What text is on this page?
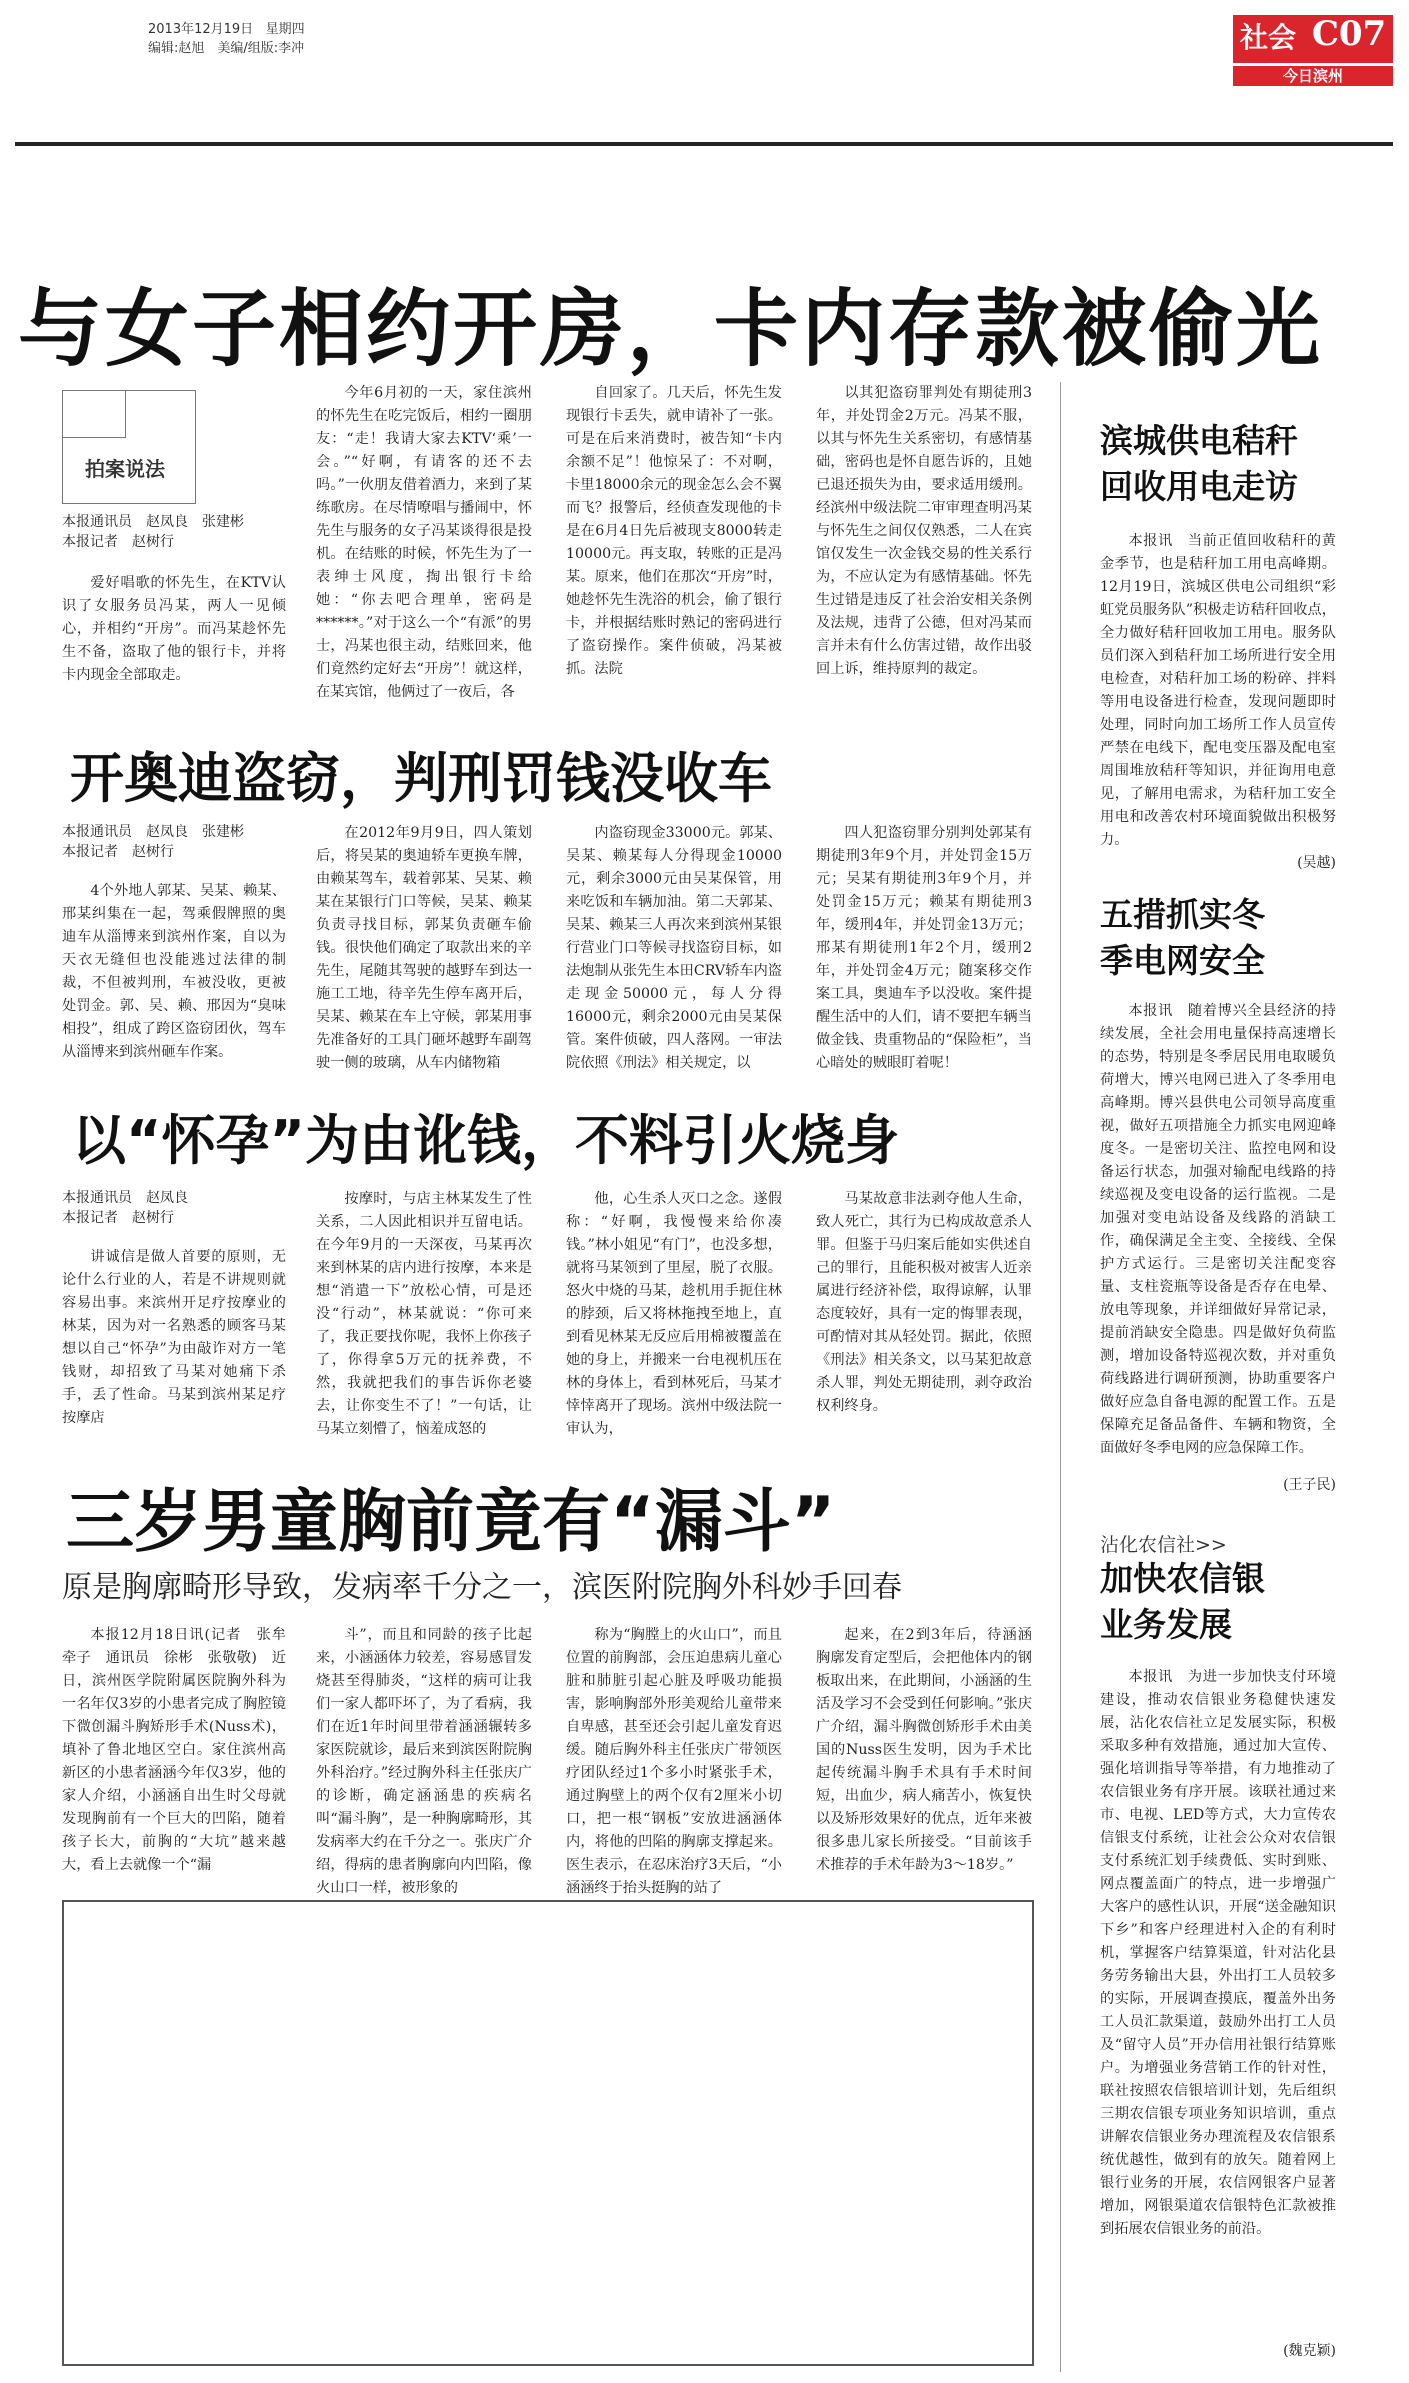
2013年12月19日 星期四
编辑:赵旭　美编/组版:李冲	社会 C07
今日滨州
与女子相约开房，卡内存款被偷光
拍案说法
本报通讯员　赵凤良　张建彬
本报记者　赵树行

爱好唱歌的怀先生，在KTV认识了女服务员冯某，两人一见倾心，并相约“开房”。而冯某趁怀先生不备，盗取了他的银行卡，并将卡内现金全部取走。

今年6月初的一天，家住滨州的怀先生在吃完饭后，相约一圈朋友：“走！我请大家去KTV‘乘’一会。”“好啊，有请客的还不去吗。”一伙朋友借着酒力，来到了某练歌房。在尽情嘹唱与播闹中，怀先生与服务的女子冯某谈得很是投机。在结账的时候，怀先生为了一表绅士风度，掏出银行卡给她：“你去吧合理单，密码是******。”对于这么一个“有派”的男士，冯某也很主动，结账回来，他们竟然约定好去“开房”！就这样，在某宾馆，他俩过了一夜后，各

自回家了。几天后，怀先生发现银行卡丢失，就申请补了一张。可是在后来消费时，被告知“卡内余额不足”！他惊呆了：不对啊，卡里18000余元的现金怎么会不翼而飞？报警后，经侦查发现他的卡是在6月4日先后被现支8000转走10000元。再支取，转账的正是冯某。原来，他们在那次“开房”时，她趁怀先生洗浴的机会，偷了银行卡，并根据结账时熟记的密码进行了盗窃操作。案件侦破，冯某被抓。法院

以其犯盗窃罪判处有期徒刑3年，并处罚金2万元。冯某不服，以其与怀先生关系密切，有感情基础，密码也是怀自愿告诉的，且她已退还损失为由，要求适用缓刑。经滨州中级法院二审审理查明冯某与怀先生之间仅仅熟悉，二人在宾馆仅发生一次金钱交易的性关系行为，不应认定为有感情基础。怀先生过错是违反了社会治安相关条例及法规，违背了公德，但对冯某而言并未有什么仿害过错，故作出驳回上诉，维持原判的裁定。

开奥迪盗窃，判刑罚钱没收车
本报通讯员　赵凤良　张建彬
本报记者　赵树行

4个外地人郭某、吴某、赖某、邢某纠集在一起，驾乘假牌照的奥迪车从淄博来到滨州作案，自以为天衣无缝但也没能逃过法律的制裁，不但被判刑，车被没收，更被处罚金。郭、吴、赖、邢因为“臭味相投”，组成了跨区盗窃团伙，驾车从淄博来到滨州砸车作案。

在2012年9月9日，四人策划后，将吴某的奥迪轿车更换车牌，由赖某驾车，载着郭某、吴某、赖某在某银行门口等候，吴某、赖某负责寻找目标，郭某负责砸车偷钱。很快他们确定了取款出来的辛先生，尾随其驾驶的越野车到达一施工工地，待辛先生停车离开后，吴某、赖某在车上守候，郭某用事先准备好的工具门砸坏越野车副驾驶一侧的玻璃，从车内储物箱

内盗窃现金33000元。郭某、吴某、赖某每人分得现金10000元，剩余3000元由吴某保管，用来吃饭和车辆加油。第二天郭某、吴某、赖某三人再次来到滨州某银行营业门口等候寻找盗窃目标，如法炮制从张先生本田CRV轿车内盗走现金50000元，每人分得16000元，剩余2000元由吴某保管。案件侦破，四人落网。一审法院依照《刑法》相关规定，以

四人犯盗窃罪分别判处郭某有期徒刑3年9个月，并处罚金15万元；吴某有期徒刑3年9个月，并处罚金15万元；赖某有期徒刑3年，缓刑4年，并处罚金13万元；邢某有期徒刑1年2个月，缓刑2年，并处罚金4万元；随案移交作案工具，奥迪车予以没收。案件提醒生活中的人们，请不要把车辆当做金钱、贵重物品的“保险柜”，当心暗处的贼眼盯着呢！

以“怀孕”为由讹钱，不料引火烧身
本报通讯员　赵凤良
本报记者　赵树行

讲诚信是做人首要的原则，无论什么行业的人，若是不讲规则就容易出事。来滨州开足疗按摩业的林某，因为对一名熟悉的顾客马某想以自己“怀孕”为由敲诈对方一笔钱财，却招致了马某对她痛下杀手，丢了性命。马某到滨州某足疗按摩店

按摩时，与店主林某发生了性关系，二人因此相识并互留电话。在今年9月的一天深夜，马某再次来到林某的店内进行按摩，本来是想“消遣一下”放松心情，可是还没“行动”，林某就说：“你可来了，我正要找你呢，我怀上你孩子了，你得拿5万元的抚养费，不然，我就把我们的事告诉你老婆去，让你变生不了！”一句话，让马某立刻懵了，恼羞成怒的

他，心生杀人灭口之念。遂假称：“好啊，我慢慢来给你凑钱。”林小姐见“有门”，也没多想，就将马某领到了里屋，脱了衣服。怒火中烧的马某，趁机用手扼住林的脖颈，后又将林拖拽至地上，直到看见林某无反应后用棉被覆盖在她的身上，并搬来一台电视机压在林的身体上，看到林死后，马某才悻悻离开了现场。滨州中级法院一审认为，

马某故意非法剥夺他人生命，致人死亡，其行为已构成故意杀人罪。但鉴于马归案后能如实供述自己的罪行，且能积极对被害人近亲属进行经济补偿，取得谅解，认罪态度较好，具有一定的悔罪表现，可酌情对其从轻处罚。据此，依照《刑法》相关条文，以马某犯故意杀人罪，判处无期徒刑，剥夺政治权利终身。

三岁男童胸前竟有“漏斗”
原是胸廓畸形导致，发病率千分之一，滨医附院胸外科妙手回春

本报12月18日讯(记者　张牟牵子　通讯员　徐彬　张敬敬)　近日，滨州医学院附属医院胸外科为一名年仅3岁的小患者完成了胸腔镜下微创漏斗胸矫形手术(Nuss术)，填补了鲁北地区空白。家住滨州高新区的小患者涵涵今年仅3岁，他的家人介绍，小涵涵自出生时父母就发现胸前有一个巨大的凹陷，随着孩子长大，前胸的“大坑”越来越大，看上去就像一个“漏

斗”，而且和同龄的孩子比起来，小涵涵体力较差，容易感冒发烧甚至得肺炎，“这样的病可让我们一家人都吓坏了，为了看病，我们在近1年时间里带着涵涵辗转多家医院就诊，最后来到滨医附院胸外科治疗。”经过胸外科主任张庆广的诊断，确定涵涵患的疾病名叫“漏斗胸”，是一种胸廓畸形，其发病率大约在千分之一。张庆广介绍，得病的患者胸廓向内凹陷，像火山口一样，被形象的

称为“胸膛上的火山口”，而且位置的前胸部，会压迫患病儿童心脏和肺脏引起心脏及呼吸功能损害，影响胸部外形美观给儿童带来自卑感，甚至还会引起儿童发育迟缓。随后胸外科主任张庆广带领医疗团队经过1个多小时紧张手术，通过胸壁上的两个仅有2厘米小切口，把一根“钢板”安放进涵涵体内，将他的凹陷的胸廓支撑起来。医生表示，在忍床治疗3天后，“小涵涵终于抬头挺胸的站了

起来，在2到3年后，待涵涵胸廓发育定型后，会把他体内的钢板取出来，在此期间，小涵涵的生活及学习不会受到任何影响。”张庆广介绍，漏斗胸微创矫形手术由美国的Nuss医生发明，因为手术比起传统漏斗胸手术具有手术时间短，出血少，病人痛苦小，恢复快以及矫形效果好的优点，近年来被很多患儿家长所接受。“目前该手术推荐的手术年龄为3～18岁。”

滨城供电秸秆
回收用电走访

本报讯　当前正值回收秸秆的黄金季节，也是秸秆加工用电高峰期。12月19日，滨城区供电公司组织“彩虹党员服务队”积极走访秸秆回收点，全力做好秸秆回收加工用电。服务队员们深入到秸秆加工场所进行安全用电检查，对秸秆加工场的粉碎、拌料等用电设备进行检查，发现问题即时处理，同时向加工场所工作人员宣传严禁在电线下，配电变压器及配电室周围堆放秸秆等知识，并征询用电意见，了解用电需求，为秸秆加工安全用电和改善农村环境面貌做出积极努力。

(吴越)
五措抓实冬
季电网安全

本报讯　随着博兴全县经济的持续发展，全社会用电量保持高速增长的态势，特别是冬季居民用电取暖负荷增大，博兴电网已进入了冬季用电高峰期。博兴县供电公司领导高度重视，做好五项措施全力抓实电网迎峰度冬。一是密切关注、监控电网和设备运行状态，加强对输配电线路的持续巡视及变电设备的运行监视。二是加强对变电站设备及线路的消缺工作，确保满足全主变、全接线、全保护方式运行。三是密切关注配变容量、支柱瓷瓶等设备是否存在电晕、放电等现象，并详细做好异常记录，提前消缺安全隐患。四是做好负荷监测，增加设备特巡视次数，并对重负荷线路进行调研预测，协助重要客户做好应急自备电源的配置工作。五是保障充足备品备件、车辆和物资，全面做好冬季电网的应急保障工作。

(王子民)
沾化农信社>>
加快农信银
业务发展

本报讯　为进一步加快支付环境建设，推动农信银业务稳健快速发展，沾化农信社立足发展实际，积极采取多种有效措施，通过加大宣传、强化培训指导等举措，有力地推动了农信银业务有序开展。该联社通过来市、电视、LED等方式，大力宣传农信银支付系统，让社会公众对农信银支付系统汇划手续费低、实时到账、网点覆盖面广的特点，进一步增强广大客户的感性认识，开展“送金融知识下乡”和客户经理进村入企的有利时机，掌握客户结算渠道，针对沾化县务劳务输出大县，外出打工人员较多的实际，开展调查摸底，覆盖外出务工人员汇款渠道，鼓励外出打工人员及“留守人员”开办信用社银行结算账户。为增强业务营销工作的针对性，联社按照农信银培训计划，先后组织三期农信银专项业务知识培训，重点讲解农信银业务办理流程及农信银系统优越性，做到有的放矢。随着网上银行业务的开展，农信网银客户显著增加，网银渠道农信银特色汇款被推到拓展农信银业务的前沿。

(魏克颖)
